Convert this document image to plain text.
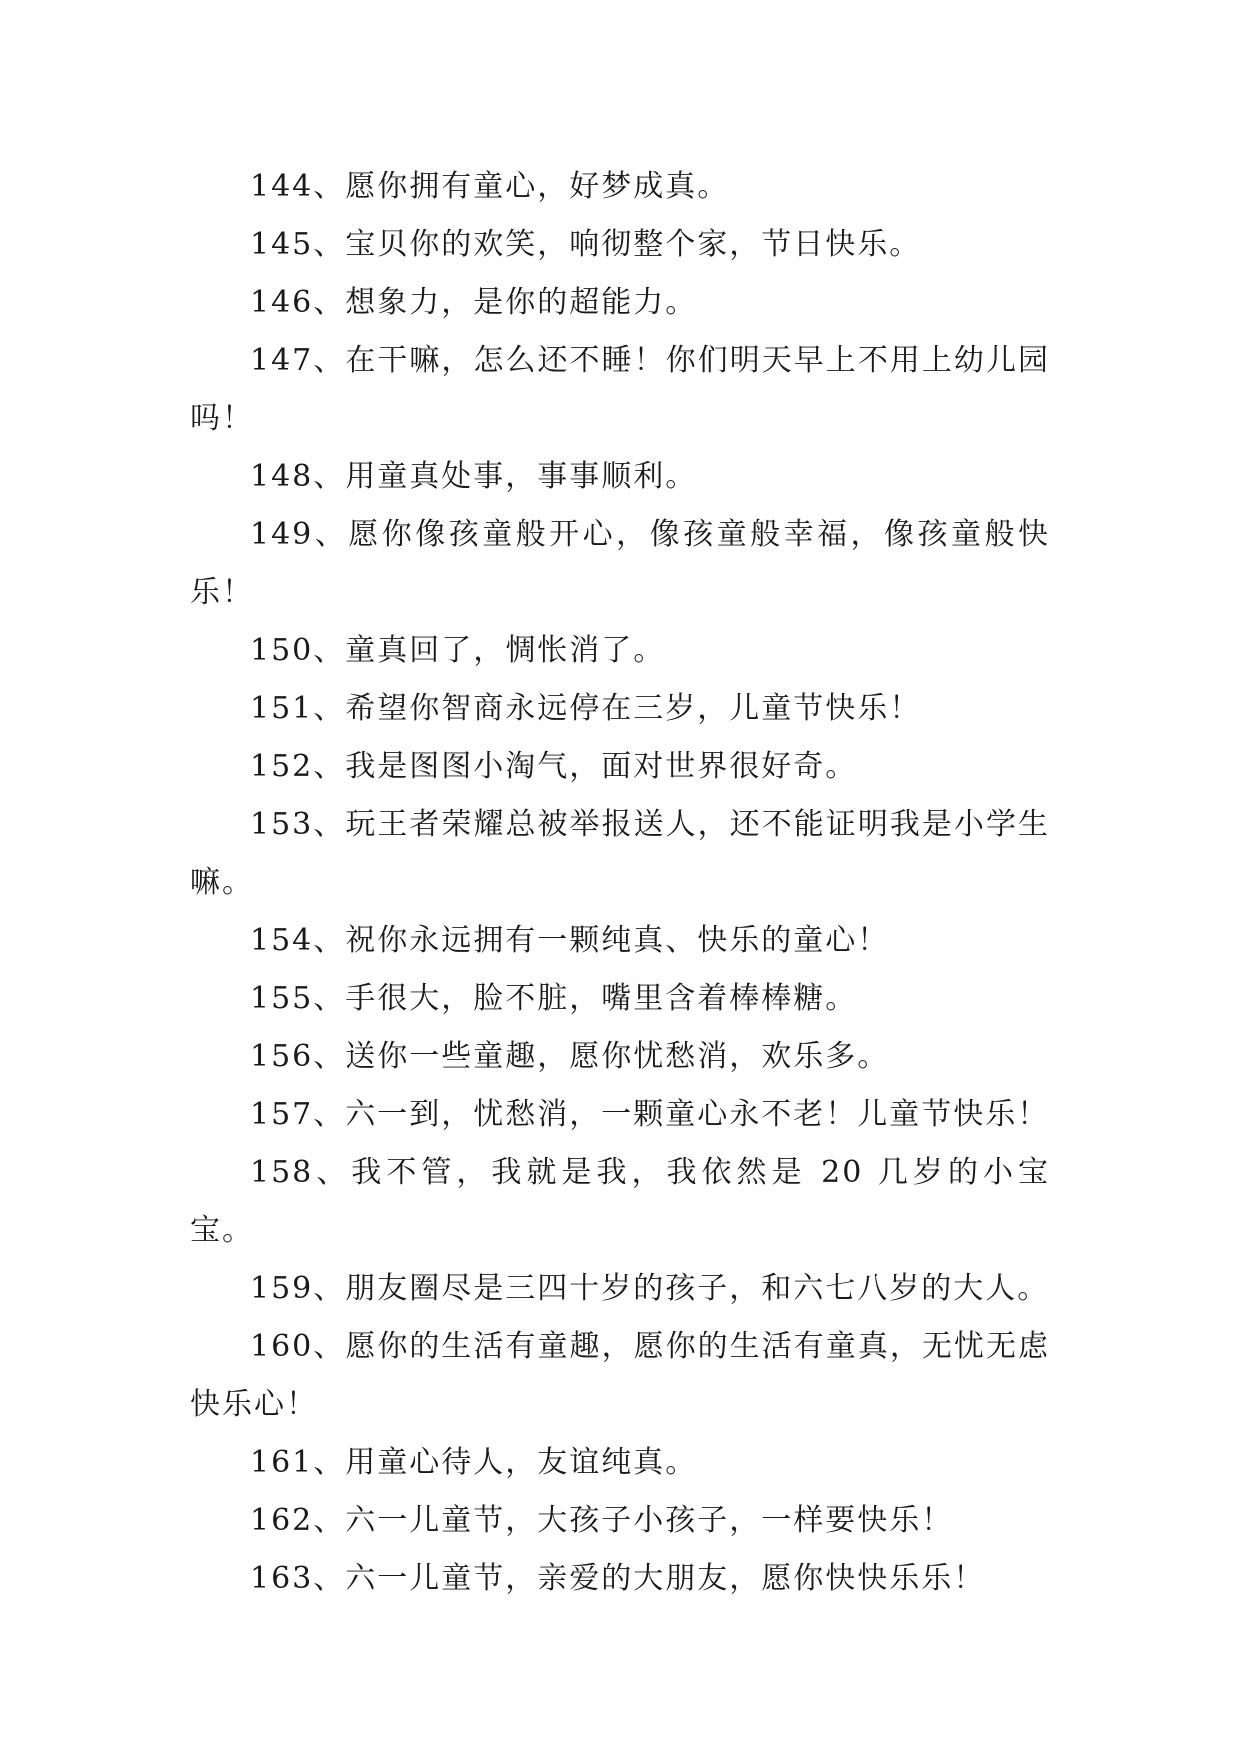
144、愿你拥有童心，好梦成真。

145、宝贝你的欢笑，响彻整个家，节日快乐。

146、想象力，是你的超能力。

147、在干嘛，怎么还不睡！你们明天早上不用上幼儿园吗！

148、用童真处事，事事顺利。

149、愿你像孩童般开心，像孩童般幸福，像孩童般快乐！

150、童真回了，惆怅消了。

151、希望你智商永远停在三岁，儿童节快乐！

152、我是图图小淘气，面对世界很好奇。

153、玩王者荣耀总被举报送人，还不能证明我是小学生嘛。

154、祝你永远拥有一颗纯真、快乐的童心！

155、手很大，脸不脏，嘴里含着棒棒糖。

156、送你一些童趣，愿你忧愁消，欢乐多。

157、六一到，忧愁消，一颗童心永不老！儿童节快乐！

158、我不管，我就是我，我依然是 20 几岁的小宝宝。

159、朋友圈尽是三四十岁的孩子，和六七八岁的大人。

160、愿你的生活有童趣，愿你的生活有童真，无忧无虑快乐心！

161、用童心待人，友谊纯真。

162、六一儿童节，大孩子小孩子，一样要快乐！

163、六一儿童节，亲爱的大朋友，愿你快快乐乐！
